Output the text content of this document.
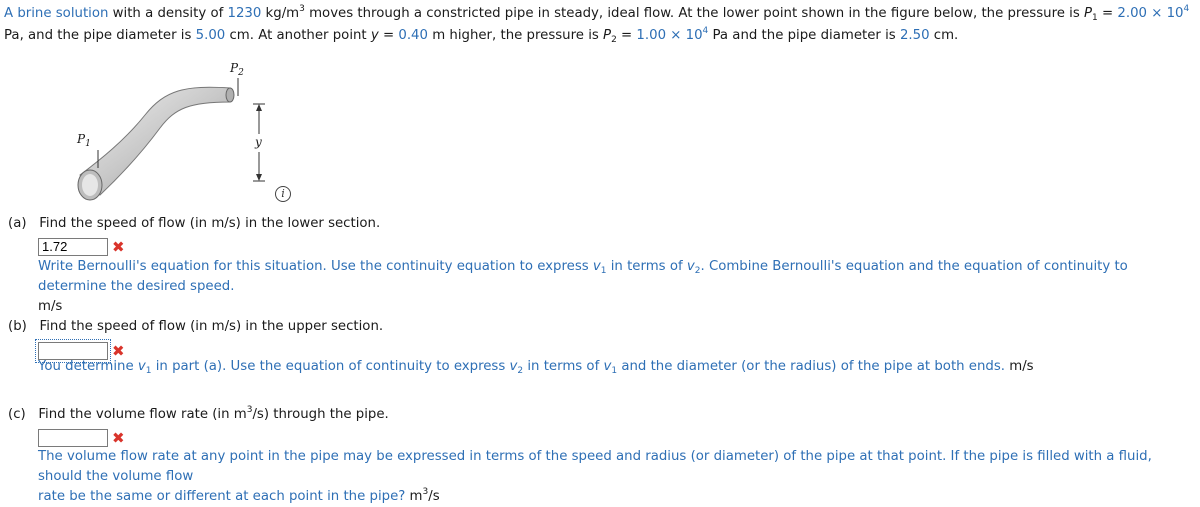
A brine solution with a density of 1230 $kg/m^3$ moves through a constricted pipe in steady, ideal flow. At the lower point shown in the figure below, the pressure is $P_1 = 2.00 \times 10^4$ Pa, and the pipe diameter is 5.00 cm. At another point y = 0.40 m higher, the pressure is $P_2 = 1.00 \times 10^4$ Pa and the pipe diameter is 2.50 cm.
$P_2$
$P_1$	y
i
(a) Find the speed of flow (in m/s) in the lower section.
1.72
✖
Write Bernoulli's equation for this situation. Use the continuity equation to express $v_1$ in terms of $v_2$. Combine Bernoulli's equation and the equation of continuity to determine the desired speed.
m/s
(b) Find the speed of flow (in m/s) in the upper section.
✖
You determine $v_1$ in part (a). Use the equation of continuity to express $v_2$ in terms of $v_1$ and the diameter (or the radius) of the pipe at both ends. m/s
(c) Find the volume flow rate (in $m^3/s$) through the pipe.
✖
The volume flow rate at any point in the pipe may be expressed in terms of the speed and radius (or diameter) of the pipe at that point. If the pipe is filled with a fluid, should the volume flow
rate be the same or different at each point in the pipe? $m^3/s$
